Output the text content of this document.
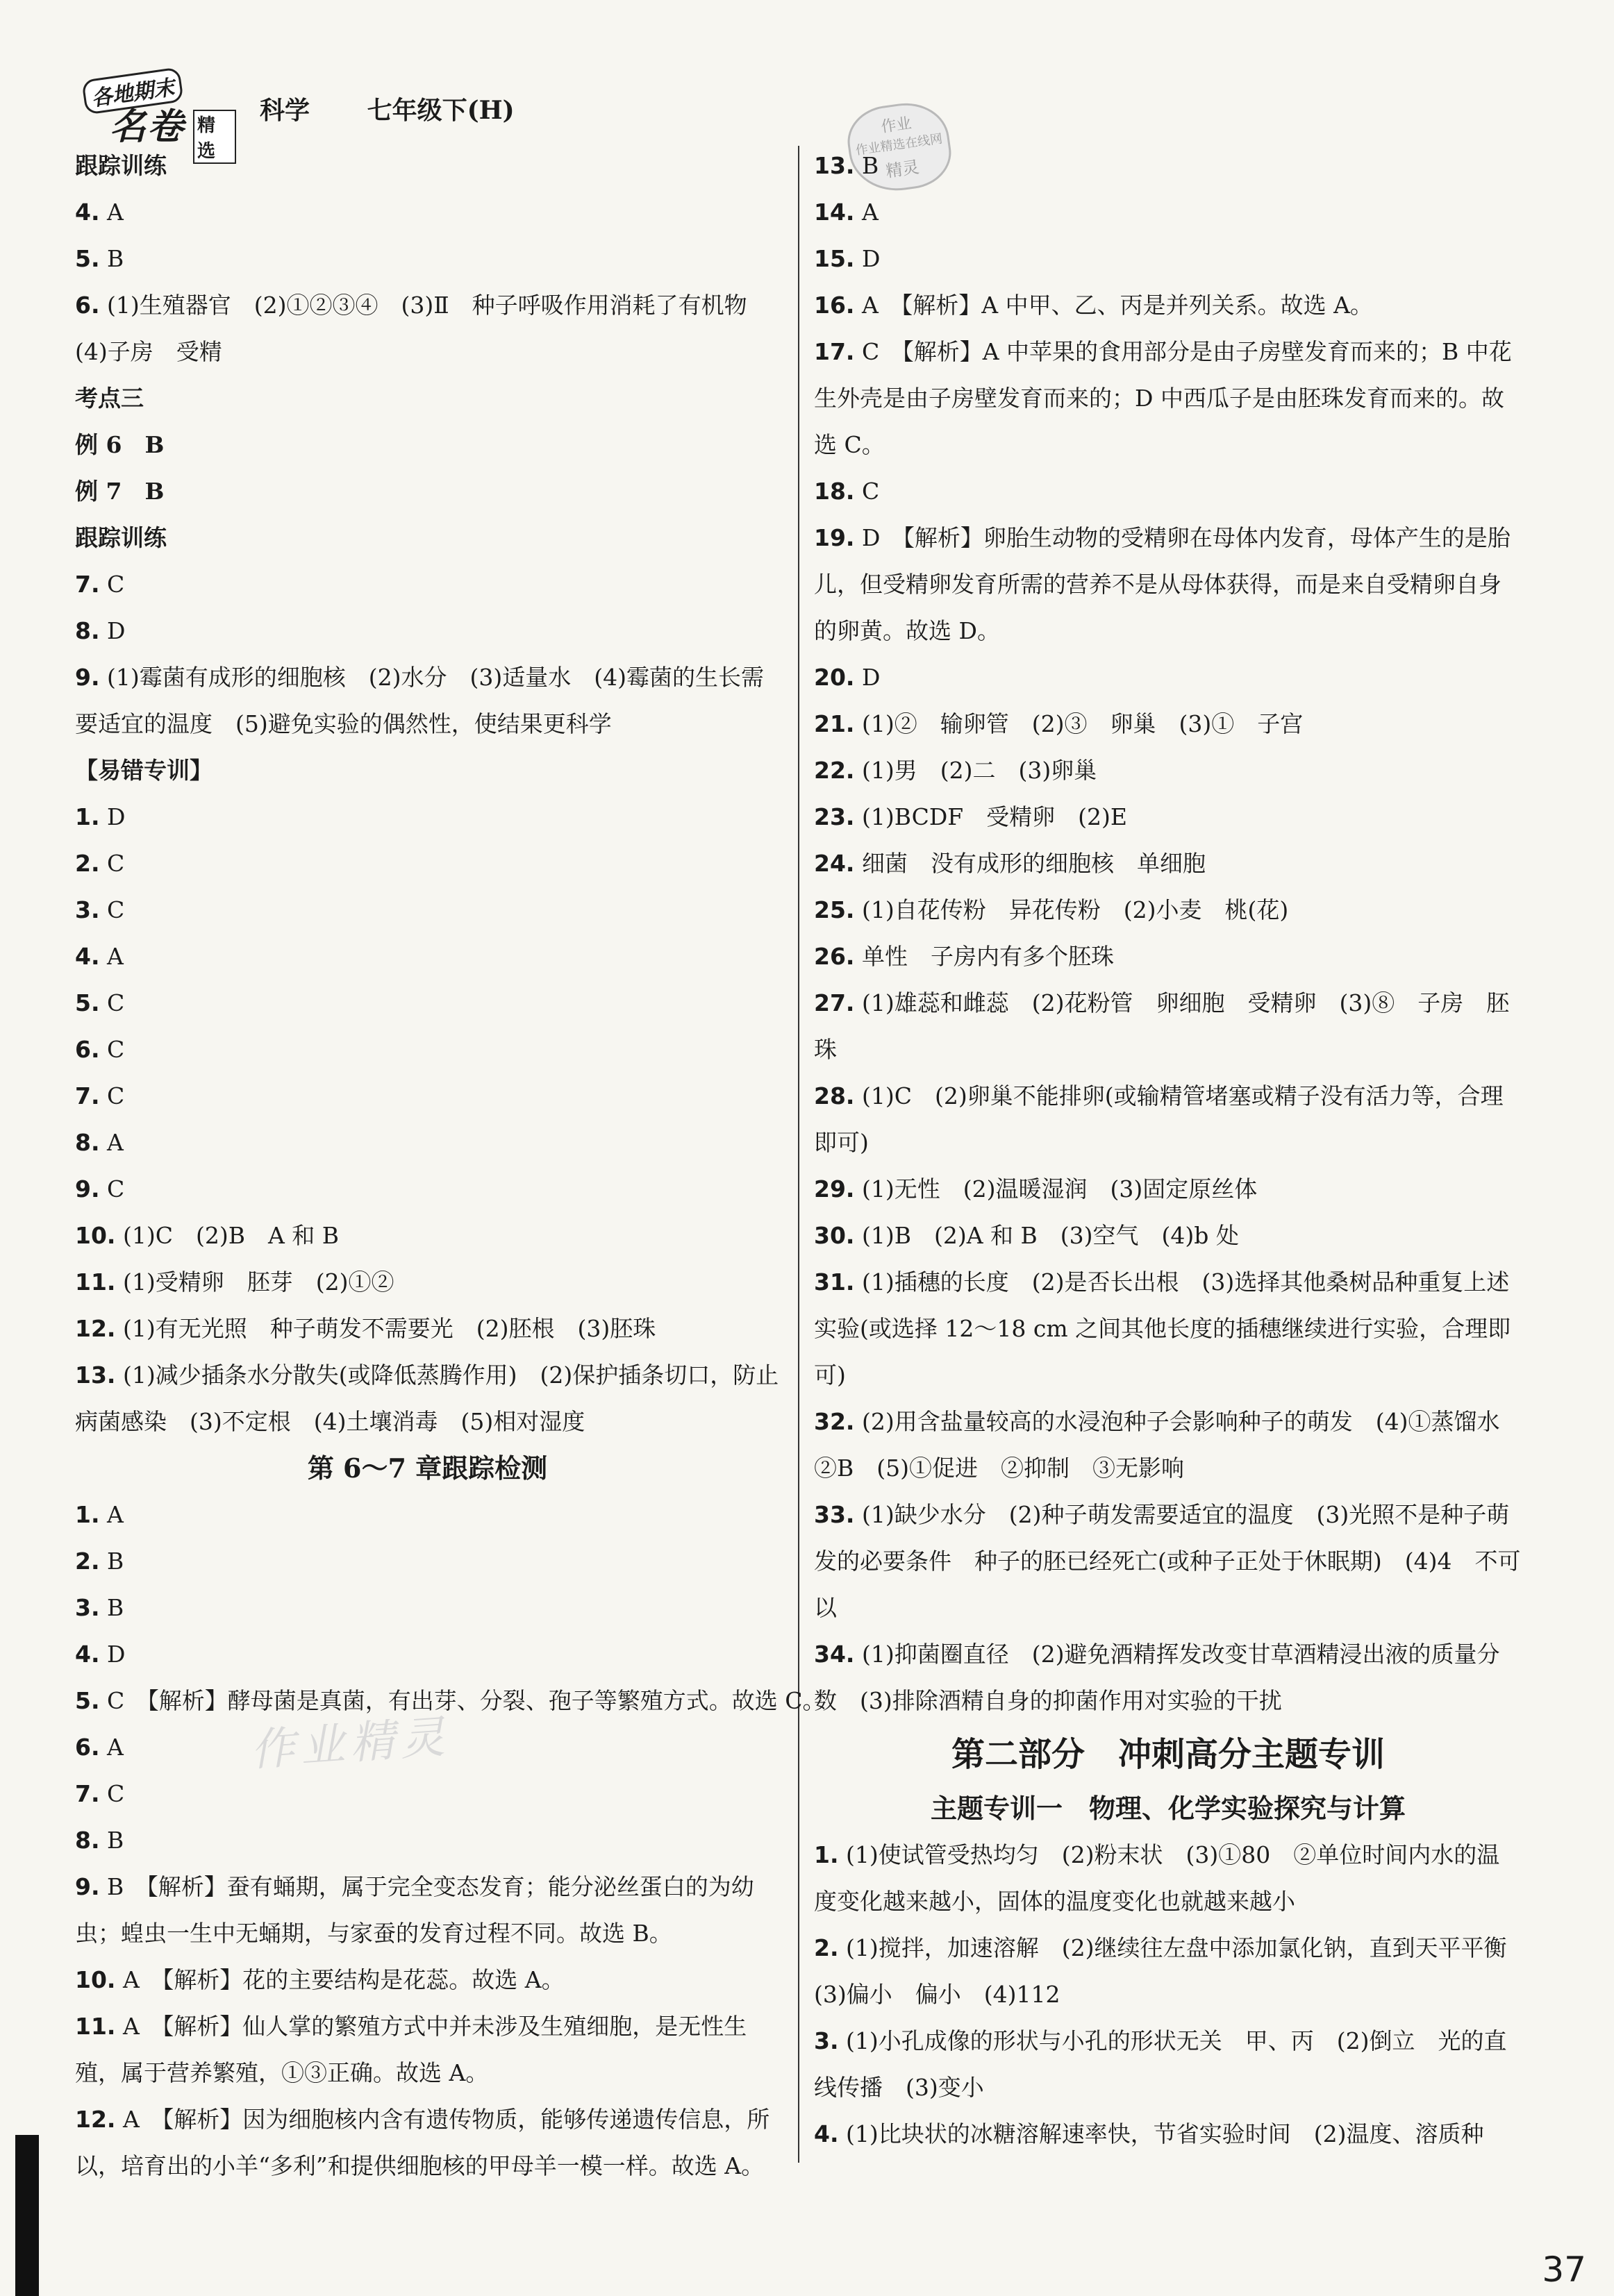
各地期末
名卷 精选
科学 七年级下(H)
作业
作业精选在线网
精灵
跟踪训练
4. A
5. B
6. (1)生殖器官　(2)①②③④　(3)Ⅱ　种子呼吸作用消耗了有机物　(4)子房　受精
考点三
例 6　B
例 7　B
跟踪训练
7. C
8. D
9. (1)霉菌有成形的细胞核　(2)水分　(3)适量水　(4)霉菌的生长需要适宜的温度　(5)避免实验的偶然性，使结果更科学
【易错专训】
1. D
2. C
3. C
4. A
5. C
6. C
7. C
8. A
9. C
10. (1)C　(2)B　A 和 B
11. (1)受精卵　胚芽　(2)①②
12. (1)有无光照　种子萌发不需要光　(2)胚根　(3)胚珠
13. (1)减少插条水分散失(或降低蒸腾作用)　(2)保护插条切口，防止病菌感染　(3)不定根　(4)土壤消毒　(5)相对湿度
第 6～7 章跟踪检测
1. A
2. B
3. B
4. D
5. C　【解析】酵母菌是真菌，有出芽、分裂、孢子等繁殖方式。故选 C。
6. A
7. C
8. B
9. B　【解析】蚕有蛹期，属于完全变态发育；能分泌丝蛋白的为幼虫；蝗虫一生中无蛹期，与家蚕的发育过程不同。故选 B。
10. A　【解析】花的主要结构是花蕊。故选 A。
11. A　【解析】仙人掌的繁殖方式中并未涉及生殖细胞，是无性生殖，属于营养繁殖，①③正确。故选 A。
12. A　【解析】因为细胞核内含有遗传物质，能够传递遗传信息，所以，培育出的小羊“多利”和提供细胞核的甲母羊一模一样。故选 A。
13. B
14. A
15. D
16. A　【解析】A 中甲、乙、丙是并列关系。故选 A。
17. C　【解析】A 中苹果的食用部分是由子房壁发育而来的；B 中花生外壳是由子房壁发育而来的；D 中西瓜子是由胚珠发育而来的。故选 C。
18. C
19. D　【解析】卵胎生动物的受精卵在母体内发育，母体产生的是胎儿，但受精卵发育所需的营养不是从母体获得，而是来自受精卵自身的卵黄。故选 D。
20. D
21. (1)②　输卵管　(2)③　卵巢　(3)①　子宫
22. (1)男　(2)二　(3)卵巢
23. (1)BCDF　受精卵　(2)E
24. 细菌　没有成形的细胞核　单细胞
25. (1)自花传粉　异花传粉　(2)小麦　桃(花)
26. 单性　子房内有多个胚珠
27. (1)雄蕊和雌蕊　(2)花粉管　卵细胞　受精卵　(3)⑧　子房　胚珠
28. (1)C　(2)卵巢不能排卵(或输精管堵塞或精子没有活力等，合理即可)
29. (1)无性　(2)温暖湿润　(3)固定原丝体
30. (1)B　(2)A 和 B　(3)空气　(4)b 处
31. (1)插穗的长度　(2)是否长出根　(3)选择其他桑树品种重复上述实验(或选择 12～18 cm 之间其他长度的插穗继续进行实验，合理即可)
32. (2)用含盐量较高的水浸泡种子会影响种子的萌发　(4)①蒸馏水　②B　(5)①促进　②抑制　③无影响
33. (1)缺少水分　(2)种子萌发需要适宜的温度　(3)光照不是种子萌发的必要条件　种子的胚已经死亡(或种子正处于休眠期)　(4)4　不可以
34. (1)抑菌圈直径　(2)避免酒精挥发改变甘草酒精浸出液的质量分数　(3)排除酒精自身的抑菌作用对实验的干扰
第二部分　冲刺高分主题专训
主题专训一　物理、化学实验探究与计算
1. (1)使试管受热均匀　(2)粉末状　(3)①80　②单位时间内水的温度变化越来越小，固体的温度变化也就越来越小
2. (1)搅拌，加速溶解　(2)继续往左盘中添加氯化钠，直到天平平衡　(3)偏小　偏小　(4)112
3. (1)小孔成像的形状与小孔的形状无关　甲、丙　(2)倒立　光的直线传播　(3)变小
4. (1)比块状的冰糖溶解速率快，节省实验时间　(2)温度、溶质种
作业精灵
37
